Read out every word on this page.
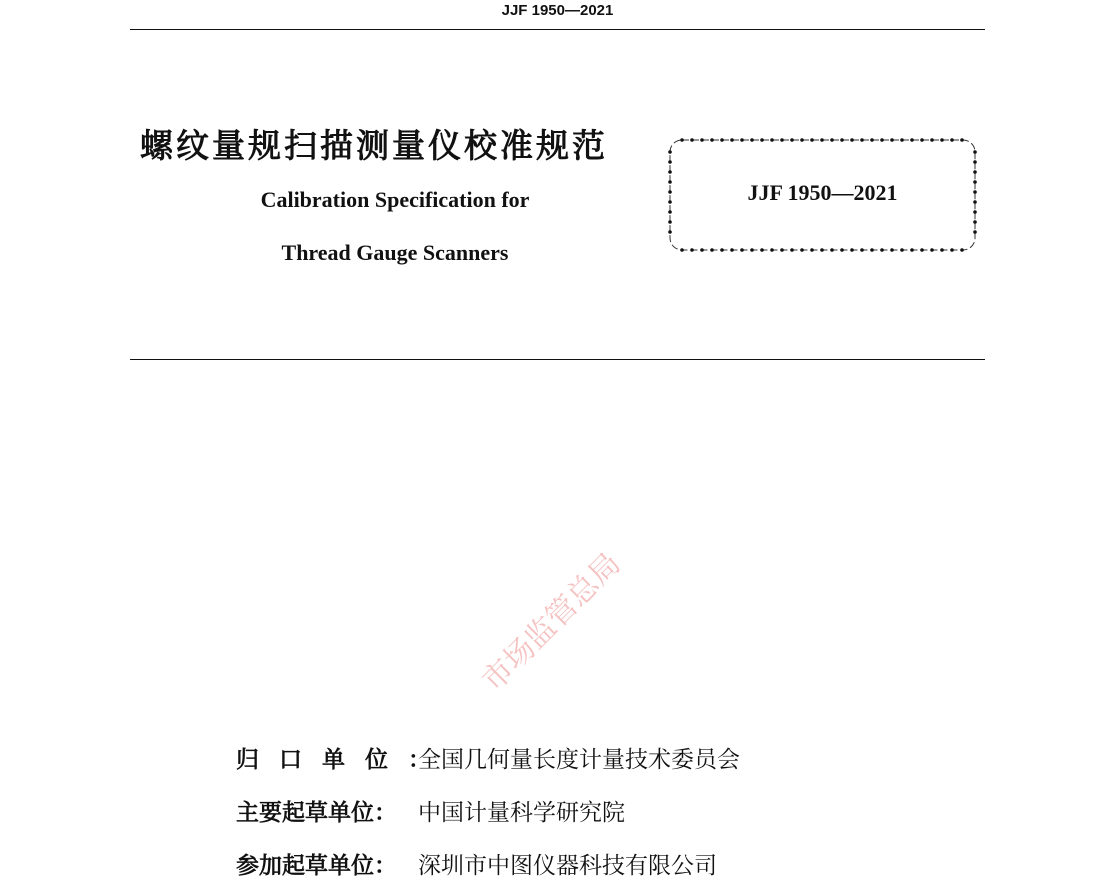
JJF 1950—2021
螺纹量规扫描测量仪校准规范
Calibration Specification for
Thread Gauge Scanners
JJF 1950—2021
市场监管总局
归口单位：
全国几何量长度计量技术委员会
主要起草单位： 中国计量科学研究院
参加起草单位： 深圳市中图仪器科技有限公司
